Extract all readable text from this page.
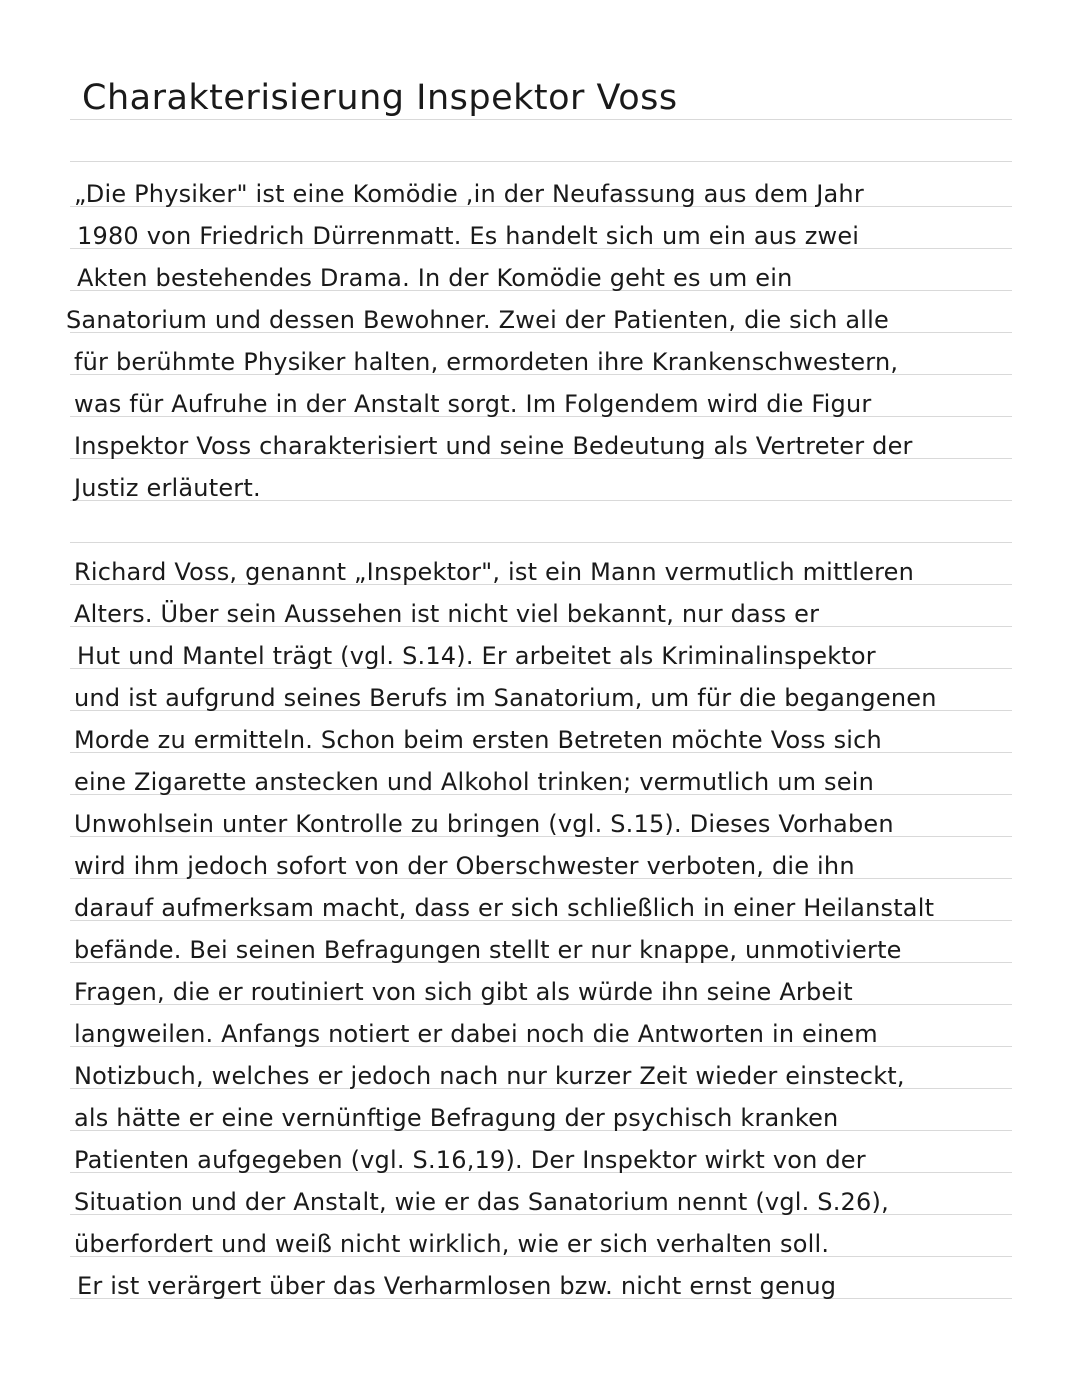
Charakterisierung Inspektor Voss
„Die Physiker" ist eine Komödie ,in der Neufassung aus dem Jahr
1980 von Friedrich Dürrenmatt. Es handelt sich um ein aus zwei
Akten bestehendes Drama. In der Komödie geht es um ein
Sanatorium und dessen Bewohner. Zwei der Patienten, die sich alle
für berühmte Physiker halten, ermordeten ihre Krankenschwestern,
was für Aufruhe in der Anstalt sorgt. Im Folgendem wird die Figur
Inspektor Voss charakterisiert und seine Bedeutung als Vertreter der
Justiz erläutert.
Richard Voss, genannt „Inspektor", ist ein Mann vermutlich mittleren
Alters. Über sein Aussehen ist nicht viel bekannt, nur dass er
Hut und Mantel trägt (vgl. S.14). Er arbeitet als Kriminalinspektor
und ist aufgrund seines Berufs im Sanatorium, um für die begangenen
Morde zu ermitteln. Schon beim ersten Betreten möchte Voss sich
eine Zigarette anstecken und Alkohol trinken; vermutlich um sein
Unwohlsein unter Kontrolle zu bringen (vgl. S.15). Dieses Vorhaben
wird ihm jedoch sofort von der Oberschwester verboten, die ihn
darauf aufmerksam macht, dass er sich schließlich in einer Heilanstalt
befände. Bei seinen Befragungen stellt er nur knappe, unmotivierte
Fragen, die er routiniert von sich gibt als würde ihn seine Arbeit
langweilen. Anfangs notiert er dabei noch die Antworten in einem
Notizbuch, welches er jedoch nach nur kurzer Zeit wieder einsteckt,
als hätte er eine vernünftige Befragung der psychisch kranken
Patienten aufgegeben (vgl. S.16,19). Der Inspektor wirkt von der
Situation und der Anstalt, wie er das Sanatorium nennt (vgl. S.26),
überfordert und weiß nicht wirklich, wie er sich verhalten soll.
Er ist verärgert über das Verharmlosen bzw. nicht ernst genug
